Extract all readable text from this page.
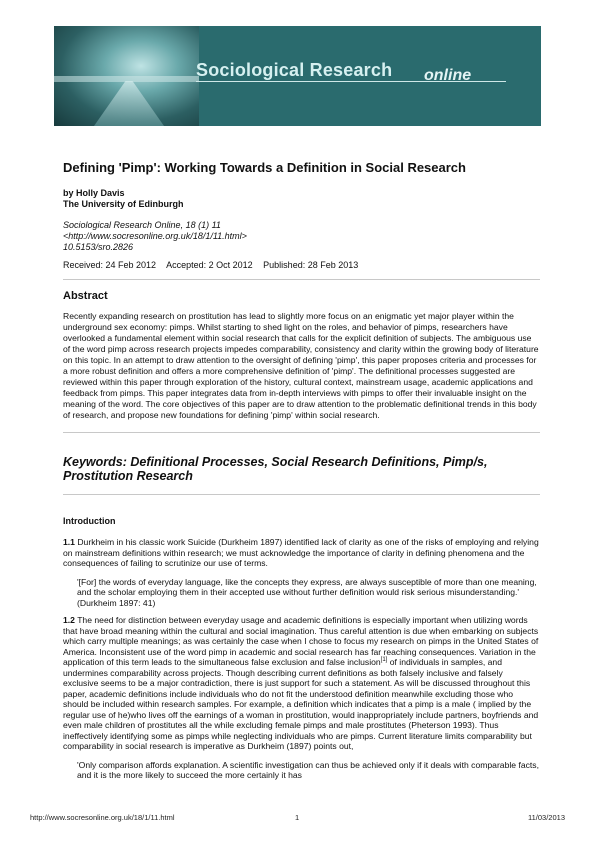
Sociological Research online
Defining 'Pimp': Working Towards a Definition in Social Research
by Holly Davis
The University of Edinburgh
Sociological Research Online, 18 (1) 11
<http://www.socresonline.org.uk/18/1/11.html>
10.5153/sro.2826
Received: 24 Feb 2012 Accepted: 2 Oct 2012 Published: 28 Feb 2013
Abstract

Recently expanding research on prostitution has lead to slightly more focus on an enigmatic yet major player within the underground sex economy: pimps. Whilst starting to shed light on the roles, and behavior of pimps, researchers have overlooked a fundamental element within social research that calls for the explicit definition of subjects. The ambiguous use of the word pimp across research projects impedes comparability, consistency and clarity within the growing body of literature on this topic. In an attempt to draw attention to the oversight of defining 'pimp', this paper proposes criteria and processes for a more robust definition and offers a more comprehensive definition of 'pimp'. The definitional processes suggested are reviewed within this paper through exploration of the history, cultural context, mainstream usage, academic applications and feedback from pimps. This paper integrates data from in-depth interviews with pimps to offer their invaluable insight on the meaning of the word. The core objectives of this paper are to draw attention to the problematic definitional trends in this body of research, and propose new foundations for defining 'pimp' within social research.

Keywords: Definitional Processes, Social Research Definitions, Pimp/s, Prostitution Research

Introduction

1.1 Durkheim in his classic work Suicide (Durkheim 1897) identified lack of clarity as one of the risks of employing and relying on mainstream definitions within research; we must acknowledge the importance of clarity in defining phenomena and the consequences of failing to scrutinize our use of terms.

'[For] the words of everyday language, like the concepts they express, are always susceptible of more than one meaning, and the scholar employing them in their accepted use without further definition would risk serious misunderstanding.' (Durkheim 1897: 41)

1.2 The need for distinction between everyday usage and academic definitions is especially important when utilizing words that have broad meaning within the cultural and social imagination. Thus careful attention is due when embarking on subjects which carry multiple meanings; as was certainly the case when I chose to focus my research on pimps in the United States of America. Inconsistent use of the word pimp in academic and social research has far reaching consequences. Variation in the application of this term leads to the simultaneous false exclusion and false inclusion[1] of individuals in samples, and undermines comparability across projects. Though describing current definitions as both falsely inclusive and falsely exclusive seems to be a major contradiction, there is just support for such a statement. As will be discussed throughout this paper, academic definitions include individuals who do not fit the understood definition meanwhile excluding those who should be included within research samples. For example, a definition which indicates that a pimp is a male ( implied by the regular use of he)who lives off the earnings of a woman in prostitution, would inappropriately include partners, boyfriends and even male children of prostitutes all the while excluding female pimps and male prostitutes (Pheterson 1993). Thus ineffectively identifying some as pimps while neglecting individuals who are pimps. Current literature limits comparability but comparability in social research is imperative as Durkheim (1897) points out,

'Only comparison affords explanation. A scientific investigation can thus be achieved only if it deals with comparable facts, and it is the more likely to succeed the more certainly it has
http://www.socresonline.org.uk/18/1/11.html	1	11/03/2013
